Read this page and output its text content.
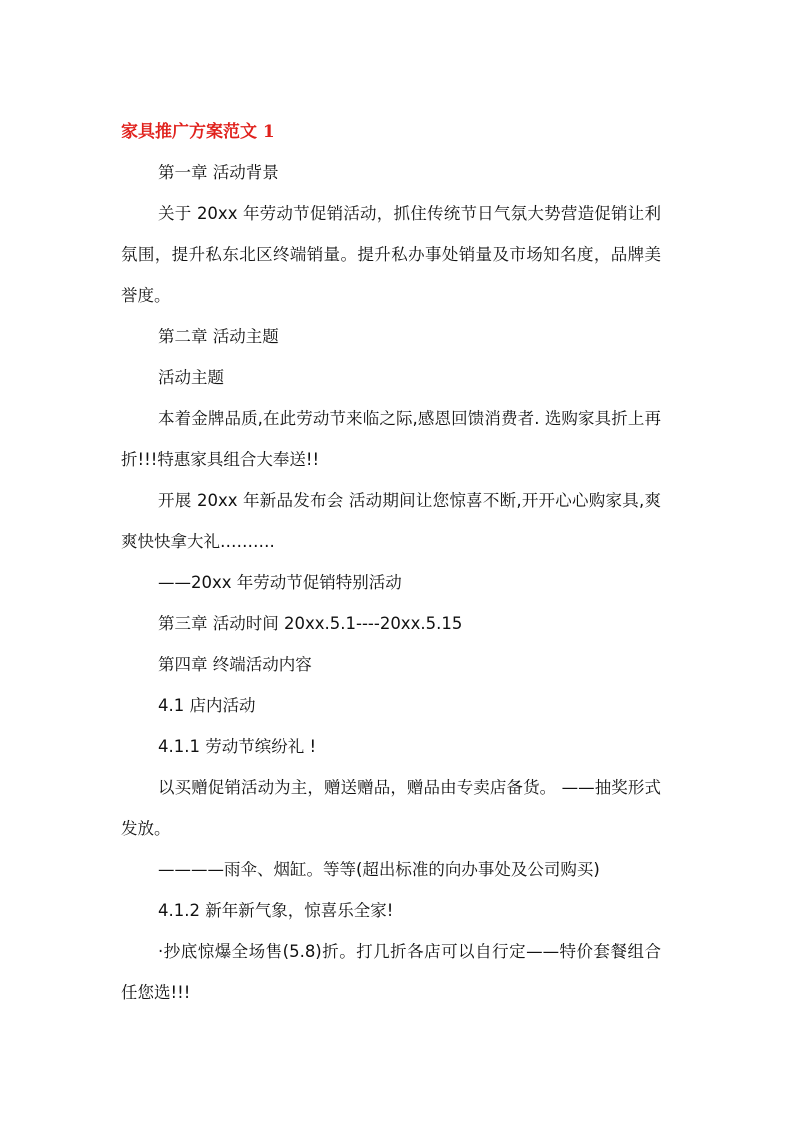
家具推广方案范文 1

第一章 活动背景

关于 20xx 年劳动节促销活动，抓住传统节日气氛大势营造促销让利氛围，提升私东北区终端销量。提升私办事处销量及市场知名度，品牌美誉度。

第二章 活动主题

活动主题

本着金牌品质,在此劳动节来临之际,感恩回馈消费者. 选购家具折上再折!!!特惠家具组合大奉送!!

开展 20xx 年新品发布会 活动期间让您惊喜不断,开开心心购家具,爽爽快快拿大礼……….

——20xx 年劳动节促销特别活动

第三章 活动时间 20xx.5.1----20xx.5.15

第四章 终端活动内容

4.1 店内活动

4.1.1 劳动节缤纷礼 !

以买赠促销活动为主，赠送赠品，赠品由专卖店备货。 ——抽奖形式发放。

————雨伞、烟缸。等等(超出标准的向办事处及公司购买)

4.1.2 新年新气象，惊喜乐全家!

·抄底惊爆全场售(5.8)折。打几折各店可以自行定——特价套餐组合任您选!!!
